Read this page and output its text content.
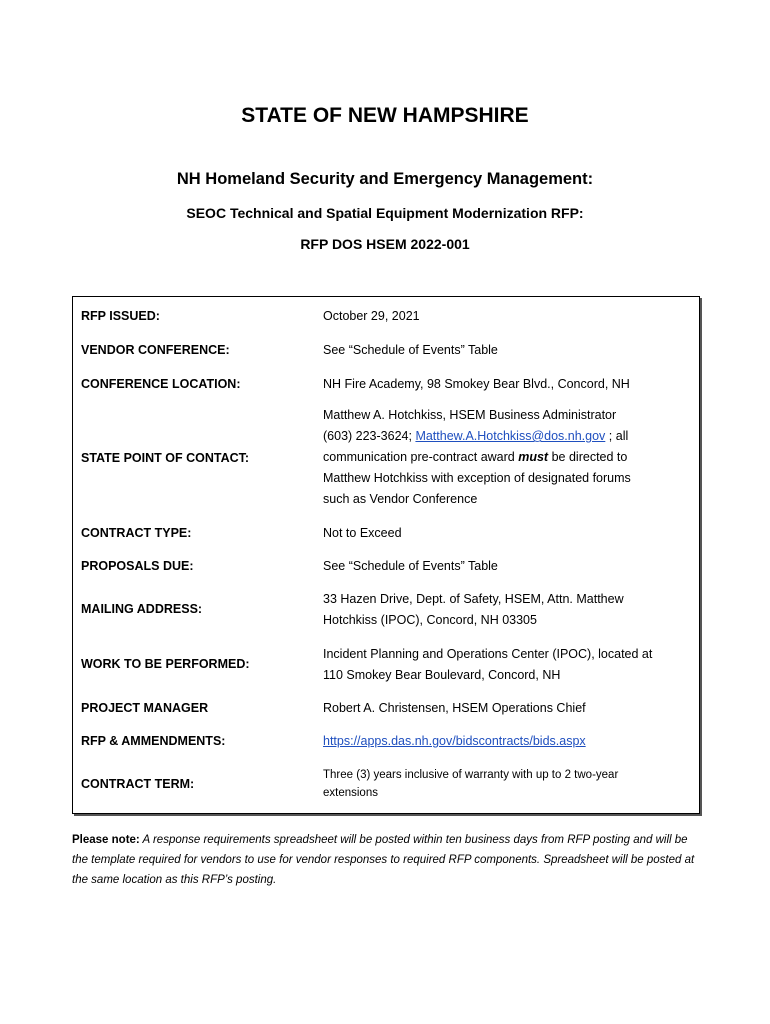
STATE OF NEW HAMPSHIRE
NH Homeland Security and Emergency Management:
SEOC Technical and Spatial Equipment Modernization RFP:
RFP DOS HSEM 2022-001
RFP ISSUED:	October 29, 2021
VENDOR CONFERENCE:	See “Schedule of Events” Table
CONFERENCE LOCATION:	NH Fire Academy, 98 Smokey Bear Blvd., Concord, NH
STATE POINT OF CONTACT:
Matthew A. Hotchkiss, HSEM Business Administrator
(603) 223-3624; Matthew.A.Hotchkiss@dos.nh.gov ; all
communication pre-contract award must be directed to
Matthew Hotchkiss with exception of designated forums
such as Vendor Conference
CONTRACT TYPE:	Not to Exceed
PROPOSALS DUE:	See “Schedule of Events” Table
MAILING ADDRESS:
33 Hazen Drive, Dept. of Safety, HSEM, Attn. Matthew
Hotchkiss (IPOC), Concord, NH 03305
WORK TO BE PERFORMED:
Incident Planning and Operations Center (IPOC), located at
110 Smokey Bear Boulevard, Concord, NH
PROJECT MANAGER	Robert A. Christensen, HSEM Operations Chief
RFP & AMMENDMENTS:	https://apps.das.nh.gov/bidscontracts/bids.aspx
CONTRACT TERM:
Three (3) years inclusive of warranty with up to 2 two-year
extensions
Please note: A response requirements spreadsheet will be posted within ten business days from RFP posting and will be the template required for vendors to use for vendor responses to required RFP components. Spreadsheet will be posted at the same location as this RFP’s posting.
